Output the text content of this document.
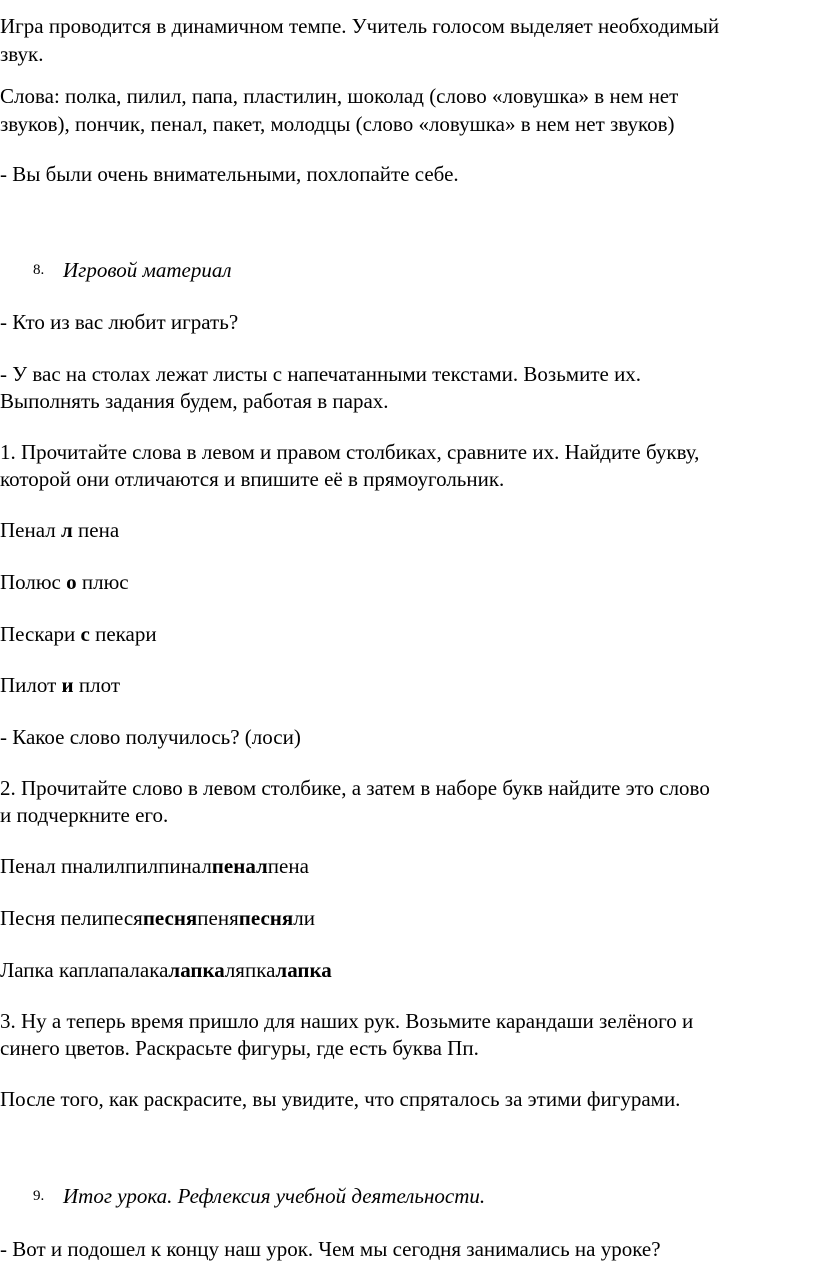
Игра проводится в динамичном темпе. Учитель голосом выделяет необходимый

звук.

Слова: полка, пилил, папа, пластилин, шоколад (слово «ловушка» в нем нет

звуков), пончик, пенал, пакет, молодцы (слово «ловушка» в нем нет звуков)

- Вы были очень внимательными, похлопайте себе.

8. Игровой материал

- Кто из вас любит играть?

- У вас на столах лежат листы с напечатанными текстами. Возьмите их.

Выполнять задания будем, работая в парах.

1. Прочитайте слова в левом и правом столбиках, сравните их. Найдите букву,

которой они отличаются и впишите её в прямоугольник.

Пенал л пена

Полюс о плюс

Пескари с пекари

Пилот и плот

- Какое слово получилось? (лоси)

2. Прочитайте слово в левом столбике, а затем в наборе букв найдите это слово

и подчеркните его.

Пенал пналилпилпиналпеналпена

Песня пелипесяпесняпеняпесняли

Лапка каплапалакалапкаляпкалапка

3. Ну а теперь время пришло для наших рук. Возьмите карандаши зелёного и

синего цветов. Раскрасьте фигуры, где есть буква Пп.

После того, как раскрасите, вы увидите, что спряталось за этими фигурами.

9. Итог урока. Рефлексия учебной деятельности.

- Вот и подошел к концу наш урок. Чем мы сегодня занимались на уроке?
